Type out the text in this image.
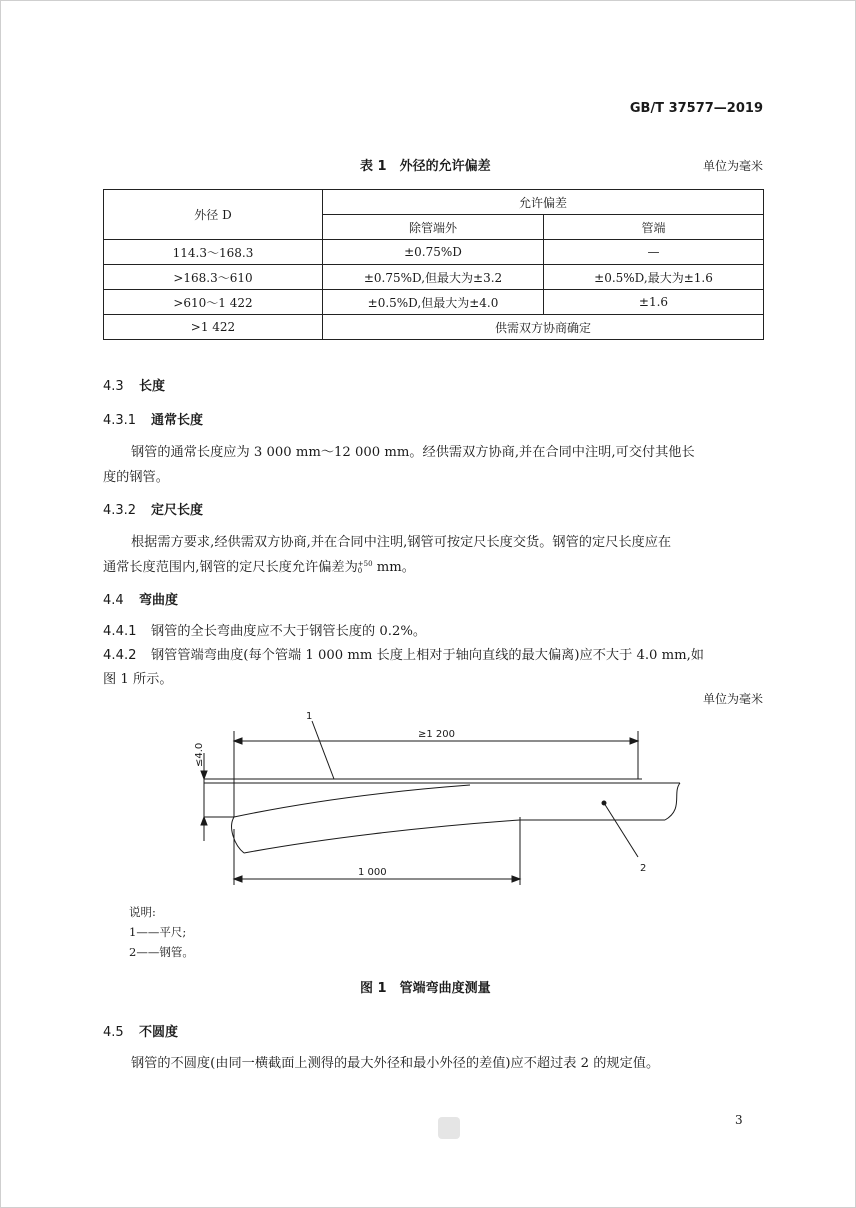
GB/T 37577—2019
表 1　外径的允许偏差	单位为毫米
外径 D	允许偏差	
	除管端外	管端
114.3～168.3	±0.75%D	—
>168.3～610	±0.75%D,但最大为±3.2	±0.5%D,最大为±1.6
>610～1 422	±0.5%D,但最大为±4.0	±1.6
>1 422	供需双方协商确定	
4.3 长度
4.3.1 通常长度
钢管的通常长度应为 3 000 mm～12 000 mm。经供需双方协商,并在合同中注明,可交付其他长
度的钢管。
4.3.2 定尺长度
根据需方要求,经供需双方协商,并在合同中注明,钢管可按定尺长度交货。钢管的定尺长度应在
通常长度范围内,钢管的定尺长度允许偏差为 +50
0 mm。
4.4 弯曲度
4.4.1 钢管的全长弯曲度应不大于钢管长度的 0.2%。
4.4.2 钢管管端弯曲度(每个管端 1 000 mm 长度上相对于轴向直线的最大偏离)应不大于 4.0 mm,如
图 1 所示。
单位为毫米
≥1 200
1 000
≤4.0
1
2
说明:
1——平尺;
2——钢管。
图 1　管端弯曲度测量
4.5 不圆度
钢管的不圆度(由同一横截面上测得的最大外径和最小外径的差值)应不超过表 2 的规定值。
3
